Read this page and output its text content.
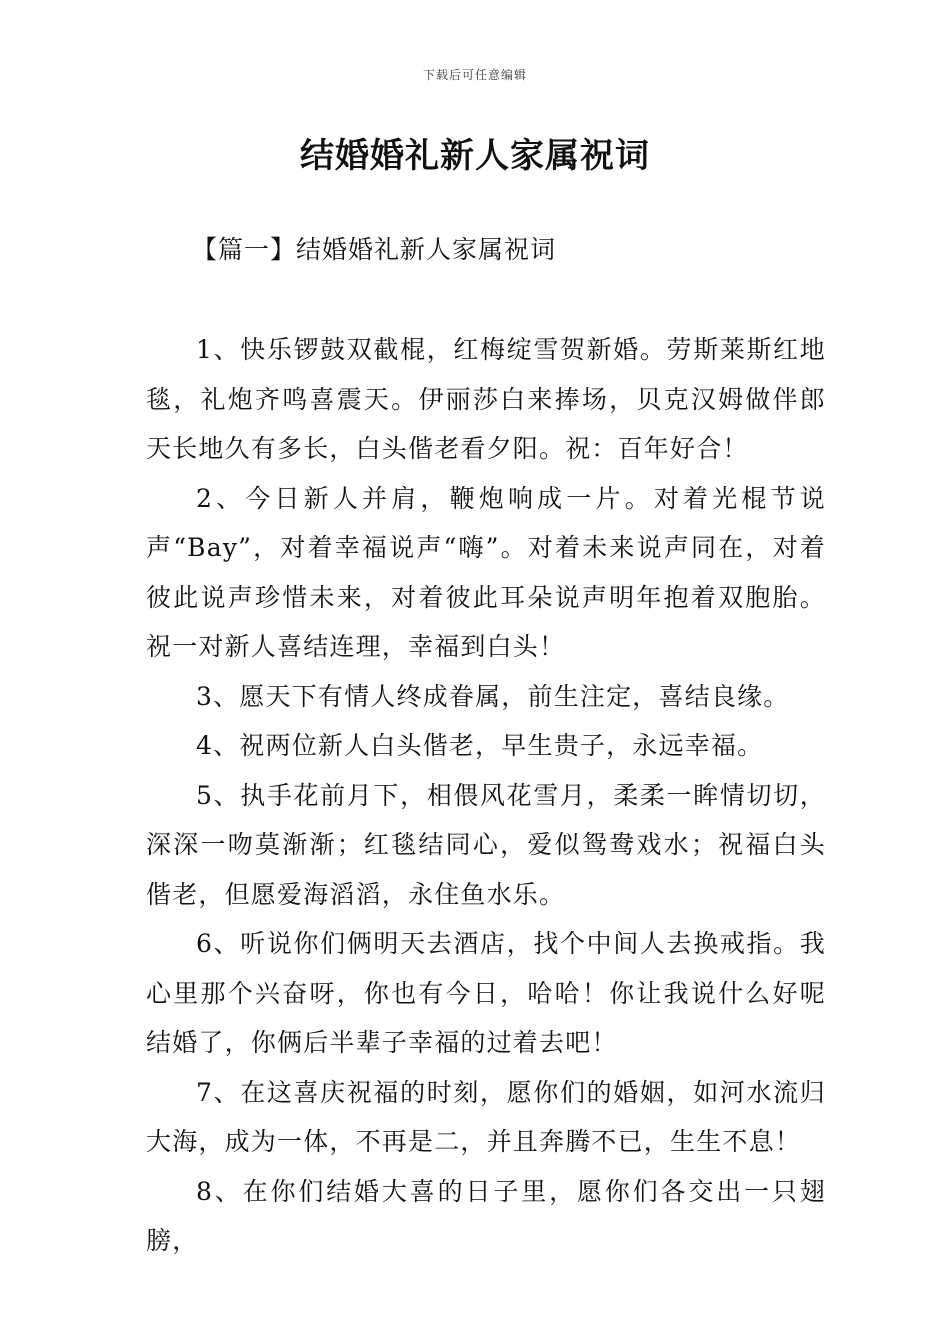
下载后可任意编辑
结婚婚礼新人家属祝词
【篇一】结婚婚礼新人家属祝词

1、快乐锣鼓双截棍，红梅绽雪贺新婚。劳斯莱斯红地毯，礼炮齐鸣喜震天。伊丽莎白来捧场，贝克汉姆做伴郎天长地久有多长，白头偕老看夕阳。祝：百年好合！

2、今日新人并肩，鞭炮响成一片。对着光棍节说声“Bay”，对着幸福说声“嗨”。对着未来说声同在，对着彼此说声珍惜未来，对着彼此耳朵说声明年抱着双胞胎。祝一对新人喜结连理，幸福到白头！

3、愿天下有情人终成眷属，前生注定，喜结良缘。

4、祝两位新人白头偕老，早生贵子，永远幸福。

5、执手花前月下，相偎风花雪月，柔柔一眸情切切，深深一吻莫渐渐；红毯结同心，爱似鸳鸯戏水；祝福白头偕老，但愿爱海滔滔，永住鱼水乐。

6、听说你们俩明天去酒店，找个中间人去换戒指。我心里那个兴奋呀，你也有今日，哈哈！你让我说什么好呢结婚了，你俩后半辈子幸福的过着去吧！

7、在这喜庆祝福的时刻，愿你们的婚姻，如河水流归大海，成为一体，不再是二，并且奔腾不已，生生不息！

8、在你们结婚大喜的日子里，愿你们各交出一只翅膀，
